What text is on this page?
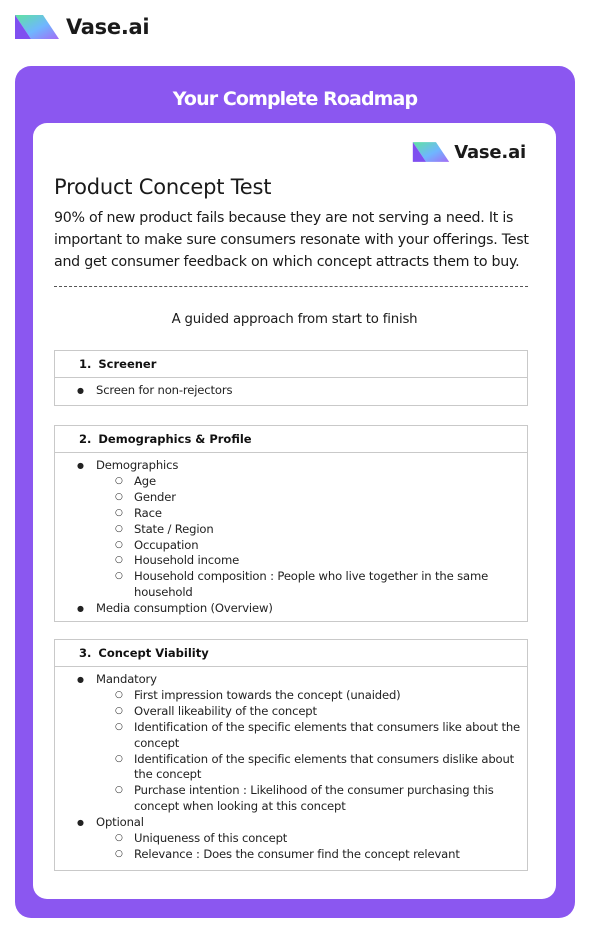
Vase.ai
Your Complete Roadmap
Vase.ai
Product Concept Test
90% of new product fails because they are not serving a need. It is important to make sure consumers resonate with your offerings. Test and get consumer feedback on which concept attracts them to buy.
A guided approach from start to finish
1. Screener
● Screen for non-rejectors
2. Demographics & Profile
● Demographics
○ Age
○ Gender
○ Race
○ State / Region
○ Occupation
○ Household income
○ Household composition : People who live together in the same household
● Media consumption (Overview)
3. Concept Viability
● Mandatory
○ First impression towards the concept (unaided)
○ Overall likeability of the concept
○ Identification of the specific elements that consumers like about the concept
○ Identification of the specific elements that consumers dislike about the concept
○ Purchase intention : Likelihood of the consumer purchasing this concept when looking at this concept
● Optional
○ Uniqueness of this concept
○ Relevance : Does the consumer find the concept relevant
